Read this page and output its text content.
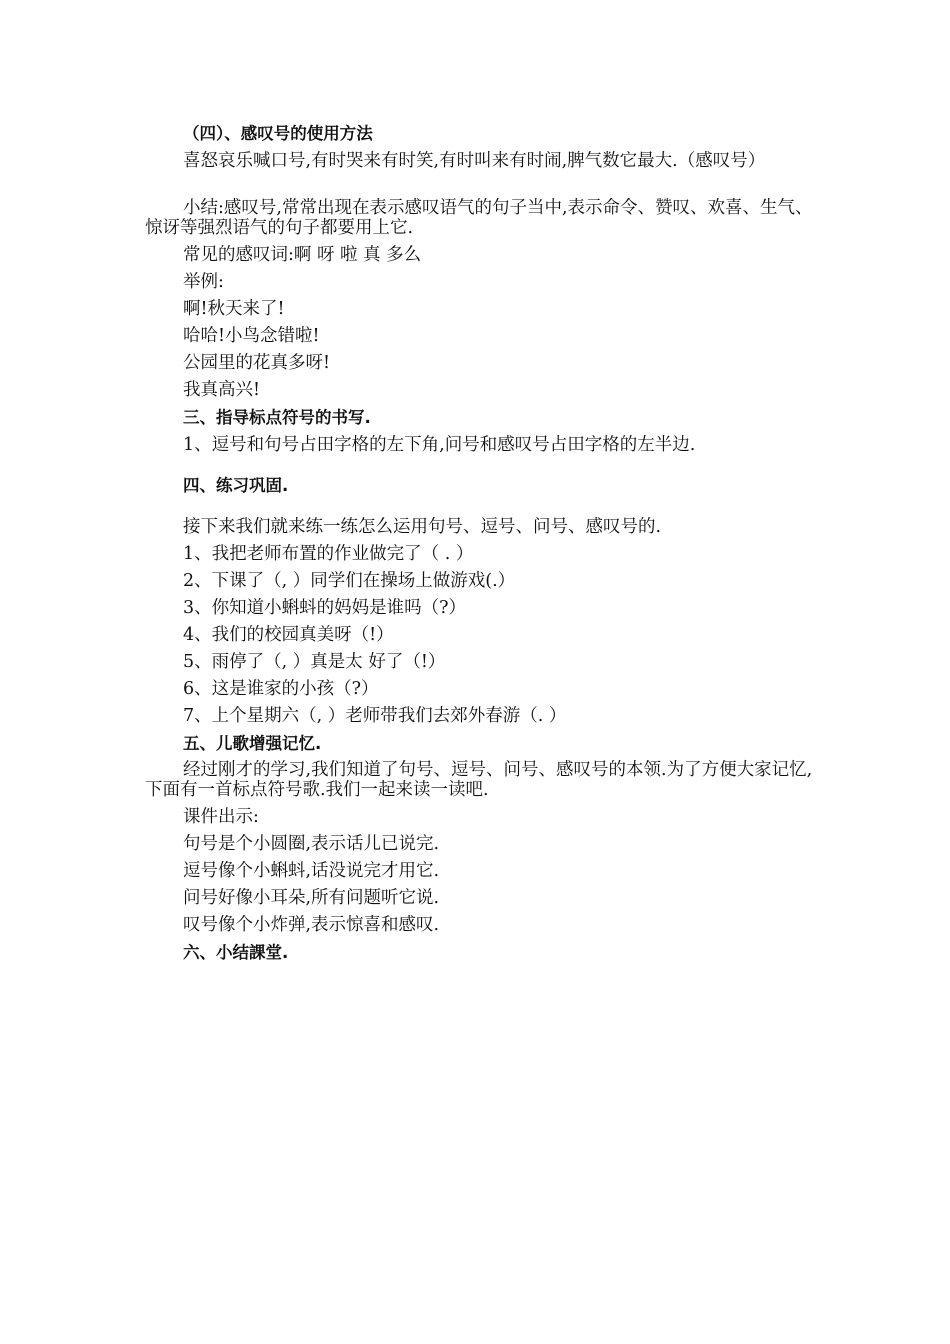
（四）、感叹号的使用方法
喜怒哀乐喊口号,有时哭来有时笑,有时叫来有时闹,脾气数它最大.（感叹号）
小结:感叹号,常常出现在表示感叹语气的句子当中,表示命令、赞叹、欢喜、生气、惊讶等强烈语气的句子都要用上它.
常见的感叹词:啊 呀 啦 真 多么
举例:
啊!秋天来了!
哈哈!小鸟念错啦!
公园里的花真多呀!
我真高兴!
三、指导标点符号的书写.
1、逗号和句号占田字格的左下角,问号和感叹号占田字格的左半边.
四、练习巩固.
接下来我们就来练一练怎么运用句号、逗号、问号、感叹号的.
1、我把老师布置的作业做完了（ . ）
2、下课了（, ）同学们在操场上做游戏(.）
3、你知道小蝌蚪的妈妈是谁吗（?）
4、我们的校园真美呀（!）
5、雨停了（, ）真是太 好了（!）
6、这是谁家的小孩（?）
7、上个星期六（, ）老师带我们去郊外春游（. ）
五、儿歌增强记忆.
经过刚才的学习,我们知道了句号、逗号、问号、感叹号的本领.为了方便大家记忆,下面有一首标点符号歌.我们一起来读一读吧.
课件出示:
句号是个小圆圈,表示话儿已说完.
逗号像个小蝌蚪,话没说完才用它.
问号好像小耳朵,所有问题听它说.
叹号像个小炸弹,表示惊喜和感叹.
六、小结課堂.
